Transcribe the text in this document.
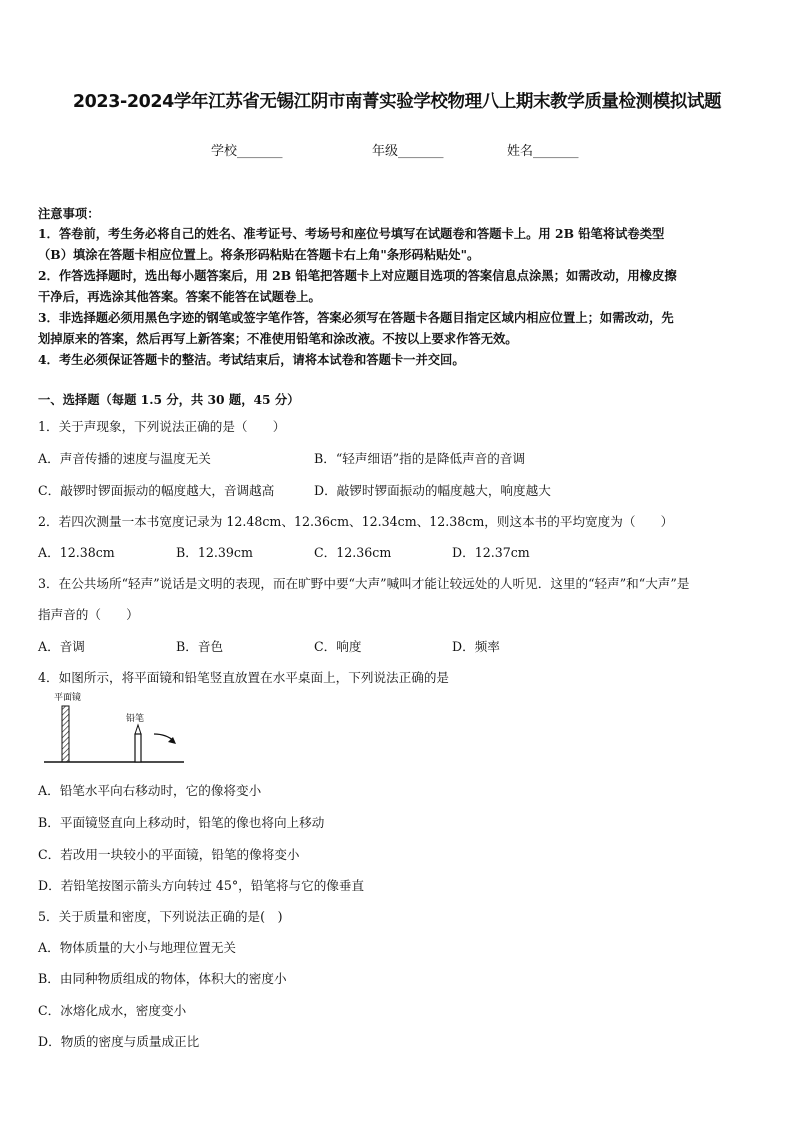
2023-2024学年江苏省无锡江阴市南菁实验学校物理八上期末教学质量检测模拟试题
学校_______	年级_______	姓名_______
注意事项：
1．答卷前，考生务必将自己的姓名、准考证号、考场号和座位号填写在试题卷和答题卡上。用 2B 铅笔将试卷类型
（B）填涂在答题卡相应位置上。将条形码粘贴在答题卡右上角"条形码粘贴处"。
2．作答选择题时，选出每小题答案后，用 2B 铅笔把答题卡上对应题目选项的答案信息点涂黑；如需改动，用橡皮擦
干净后，再选涂其他答案。答案不能答在试题卷上。
3．非选择题必须用黑色字迹的钢笔或签字笔作答，答案必须写在答题卡各题目指定区域内相应位置上；如需改动，先
划掉原来的答案，然后再写上新答案；不准使用铅笔和涂改液。不按以上要求作答无效。
4．考生必须保证答题卡的整洁。考试结束后，请将本试卷和答题卡一并交回。
一、选择题（每题 1.5 分，共 30 题，45 分）
1．关于声现象，下列说法正确的是（　　）
A．声音传播的速度与温度无关	B．“轻声细语”指的是降低声音的音调
C．敲锣时锣面振动的幅度越大，音调越高	D．敲锣时锣面振动的幅度越大，响度越大
2．若四次测量一本书宽度记录为 12.48cm、12.36cm、12.34cm、12.38cm，则这本书的平均宽度为（　　）
A．12.38cm	B．12.39cm	C．12.36cm	D．12.37cm
3．在公共场所“轻声”说话是文明的表现，而在旷野中要“大声”喊叫才能让较远处的人听见．这里的“轻声”和“大声”是
指声音的（　　）
A．音调	B．音色	C．响度	D．频率
4．如图所示，将平面镜和铅笔竖直放置在水平桌面上，下列说法正确的是
平面镜
铅笔
A．铅笔水平向右移动时，它的像将变小
B．平面镜竖直向上移动时，铅笔的像也将向上移动
C．若改用一块较小的平面镜，铅笔的像将变小
D．若铅笔按图示箭头方向转过 45°，铅笔将与它的像垂直
5．关于质量和密度，下列说法正确的是(　)
A．物体质量的大小与地理位置无关
B．由同种物质组成的物体，体积大的密度小
C．冰熔化成水，密度变小
D．物质的密度与质量成正比
